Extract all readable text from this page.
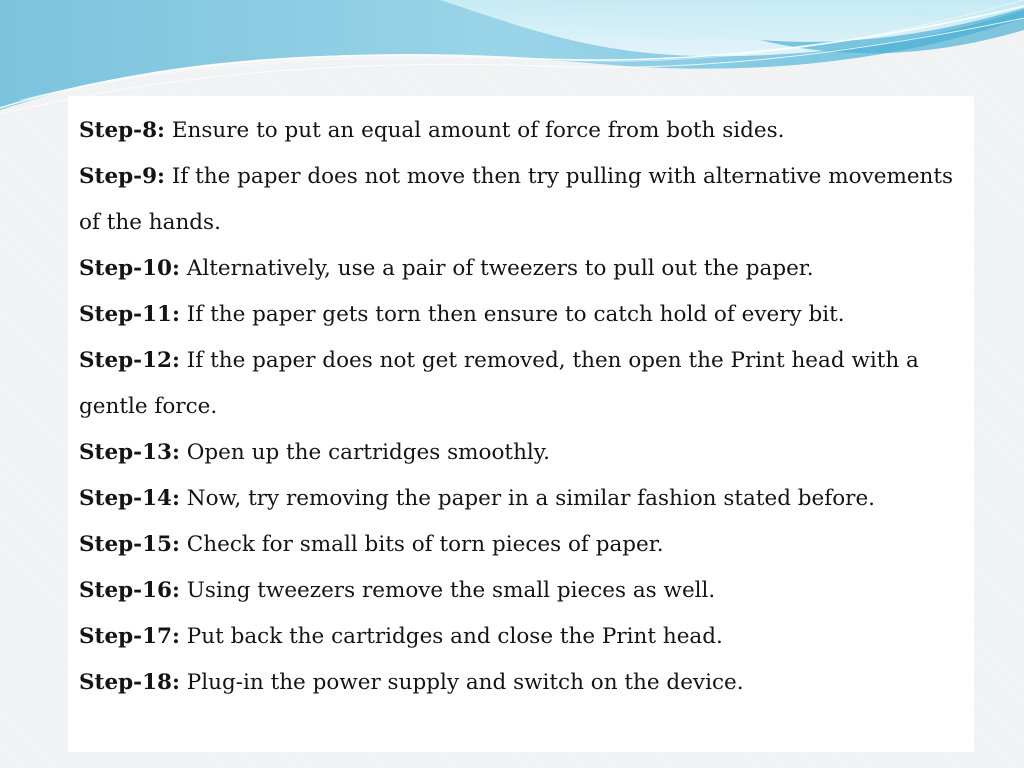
Step-8: Ensure to put an equal amount of force from both sides.
Step-9: If the paper does not move then try pulling with alternative movements of the hands.
Step-10: Alternatively, use a pair of tweezers to pull out the paper.
Step-11: If the paper gets torn then ensure to catch hold of every bit.
Step-12: If the paper does not get removed, then open the Print head with a gentle force.
Step-13: Open up the cartridges smoothly.
Step-14: Now, try removing the paper in a similar fashion stated before.
Step-15: Check for small bits of torn pieces of paper.
Step-16: Using tweezers remove the small pieces as well.
Step-17: Put back the cartridges and close the Print head.
Step-18: Plug-in the power supply and switch on the device.
